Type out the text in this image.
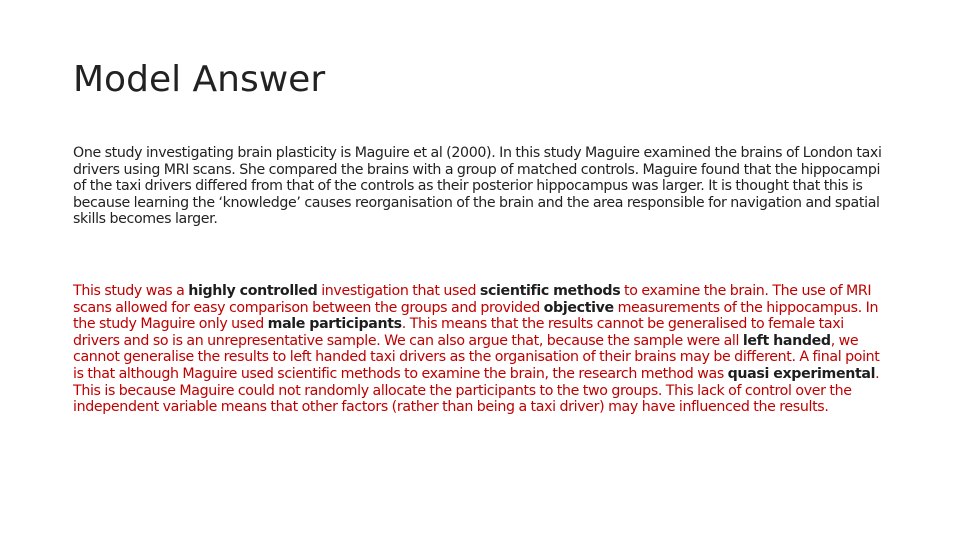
Model Answer

One study investigating brain plasticity is Maguire et al (2000). In this study Maguire examined the brains of London taxi drivers using MRI scans. She compared the brains with a group of matched controls. Maguire found that the hippocampi of the taxi drivers differed from that of the controls as their posterior hippocampus was larger. It is thought that this is because learning the ‘knowledge’ causes reorganisation of the brain and the area responsible for navigation and spatial skills becomes larger.

This study was a highly controlled investigation that used scientific methods to examine the brain. The use of MRI scans allowed for easy comparison between the groups and provided objective measurements of the hippocampus. In the study Maguire only used male participants. This means that the results cannot be generalised to female taxi drivers and so is an unrepresentative sample. We can also argue that, because the sample were all left handed, we cannot generalise the results to left handed taxi drivers as the organisation of their brains may be different. A final point is that although Maguire used scientific methods to examine the brain, the research method was quasi experimental. This is because Maguire could not randomly allocate the participants to the two groups. This lack of control over the independent variable means that other factors (rather than being a taxi driver) may have influenced the results.
